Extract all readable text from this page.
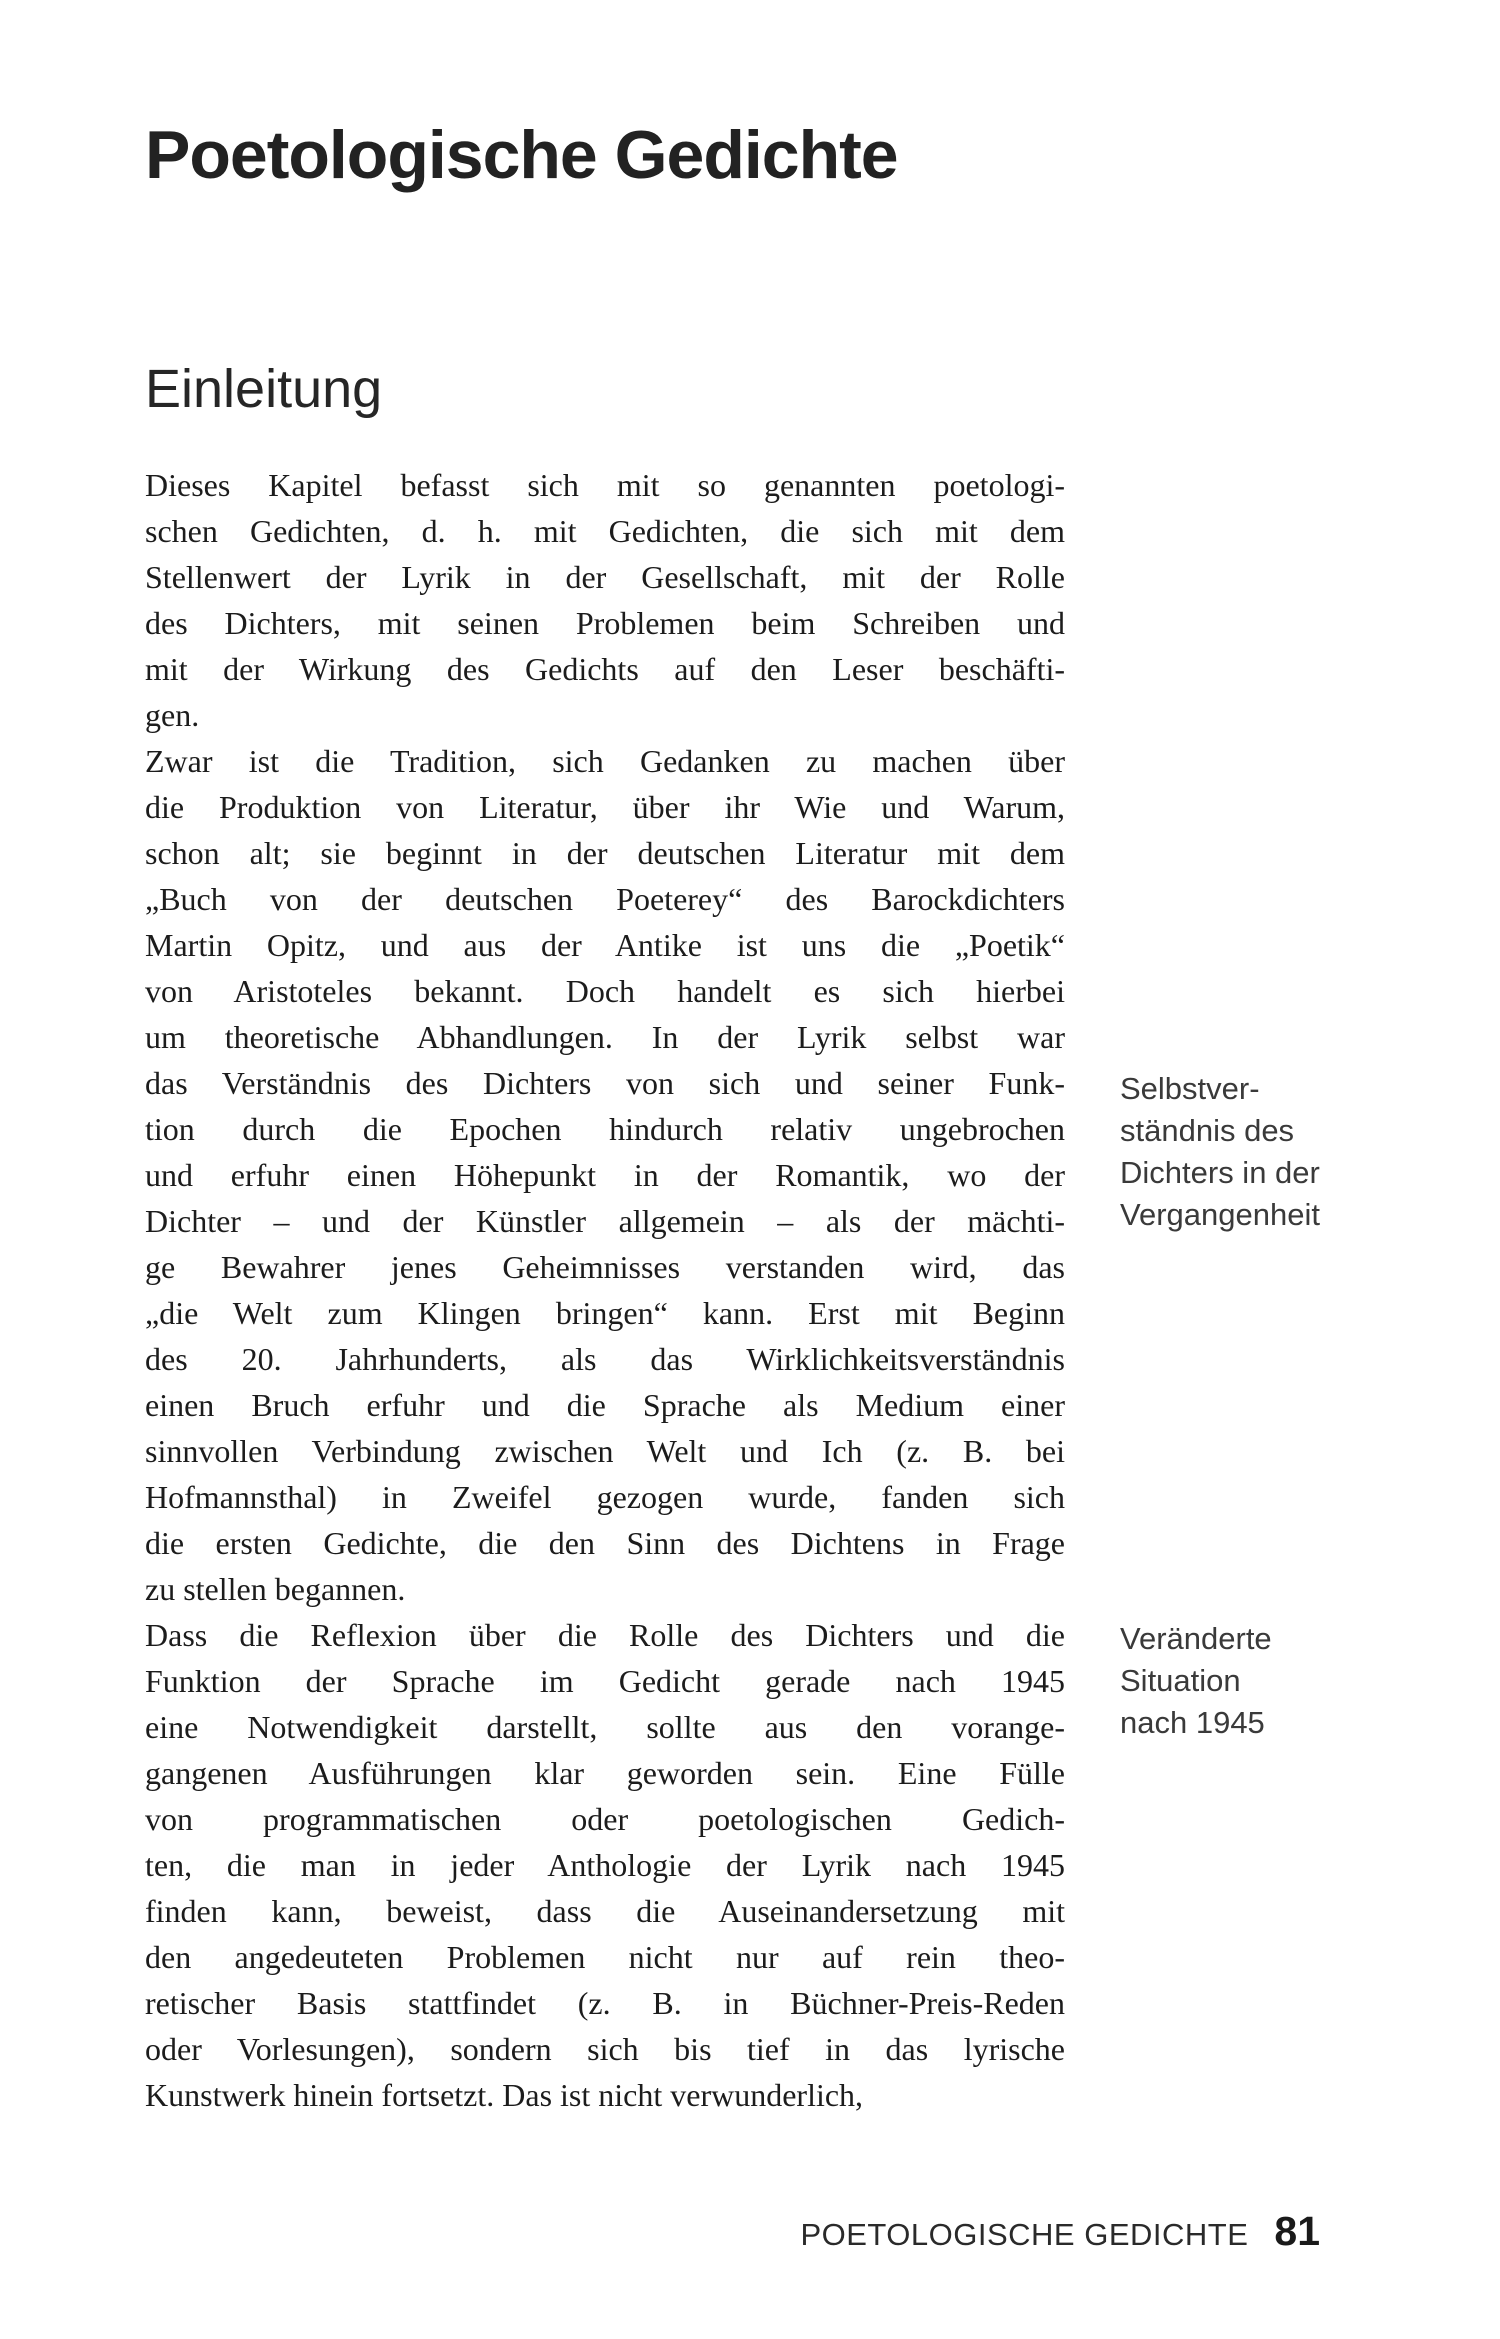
Poetologische Gedichte
Einleitung
Dieses Kapitel befasst sich mit so genannten poetologi-
schen Gedichten, d. h. mit Gedichten, die sich mit dem
Stellenwert der Lyrik in der Gesellschaft, mit der Rolle
des Dichters, mit seinen Problemen beim Schreiben und
mit der Wirkung des Gedichts auf den Leser beschäfti-
gen.
Zwar ist die Tradition, sich Gedanken zu machen über
die Produktion von Literatur, über ihr Wie und Warum,
schon alt; sie beginnt in der deutschen Literatur mit dem
„Buch von der deutschen Poeterey“ des Barockdichters
Martin Opitz, und aus der Antike ist uns die „Poetik“
von Aristoteles bekannt. Doch handelt es sich hierbei
um theoretische Abhandlungen. In der Lyrik selbst war
das Verständnis des Dichters von sich und seiner Funk-
tion durch die Epochen hindurch relativ ungebrochen
und erfuhr einen Höhepunkt in der Romantik, wo der
Dichter – und der Künstler allgemein – als der mächti-
ge Bewahrer jenes Geheimnisses verstanden wird, das
„die Welt zum Klingen bringen“ kann. Erst mit Beginn
des 20. Jahrhunderts, als das Wirklichkeitsverständnis
einen Bruch erfuhr und die Sprache als Medium einer
sinnvollen Verbindung zwischen Welt und Ich (z. B. bei
Hofmannsthal) in Zweifel gezogen wurde, fanden sich
die ersten Gedichte, die den Sinn des Dichtens in Frage
zu stellen begannen.
Dass die Reflexion über die Rolle des Dichters und die
Funktion der Sprache im Gedicht gerade nach 1945
eine Notwendigkeit darstellt, sollte aus den vorange-
gangenen Ausführungen klar geworden sein. Eine Fülle
von programmatischen oder poetologischen Gedich-
ten, die man in jeder Anthologie der Lyrik nach 1945
finden kann, beweist, dass die Auseinandersetzung mit
den angedeuteten Problemen nicht nur auf rein theo-
retischer Basis stattfindet (z. B. in Büchner-Preis-Reden
oder Vorlesungen), sondern sich bis tief in das lyrische
Kunstwerk hinein fortsetzt. Das ist nicht verwunderlich,
Selbstver-
ständnis des
Dichters in der
Vergangenheit
Veränderte
Situation
nach 1945
POETOLOGISCHE GEDICHTE 81
